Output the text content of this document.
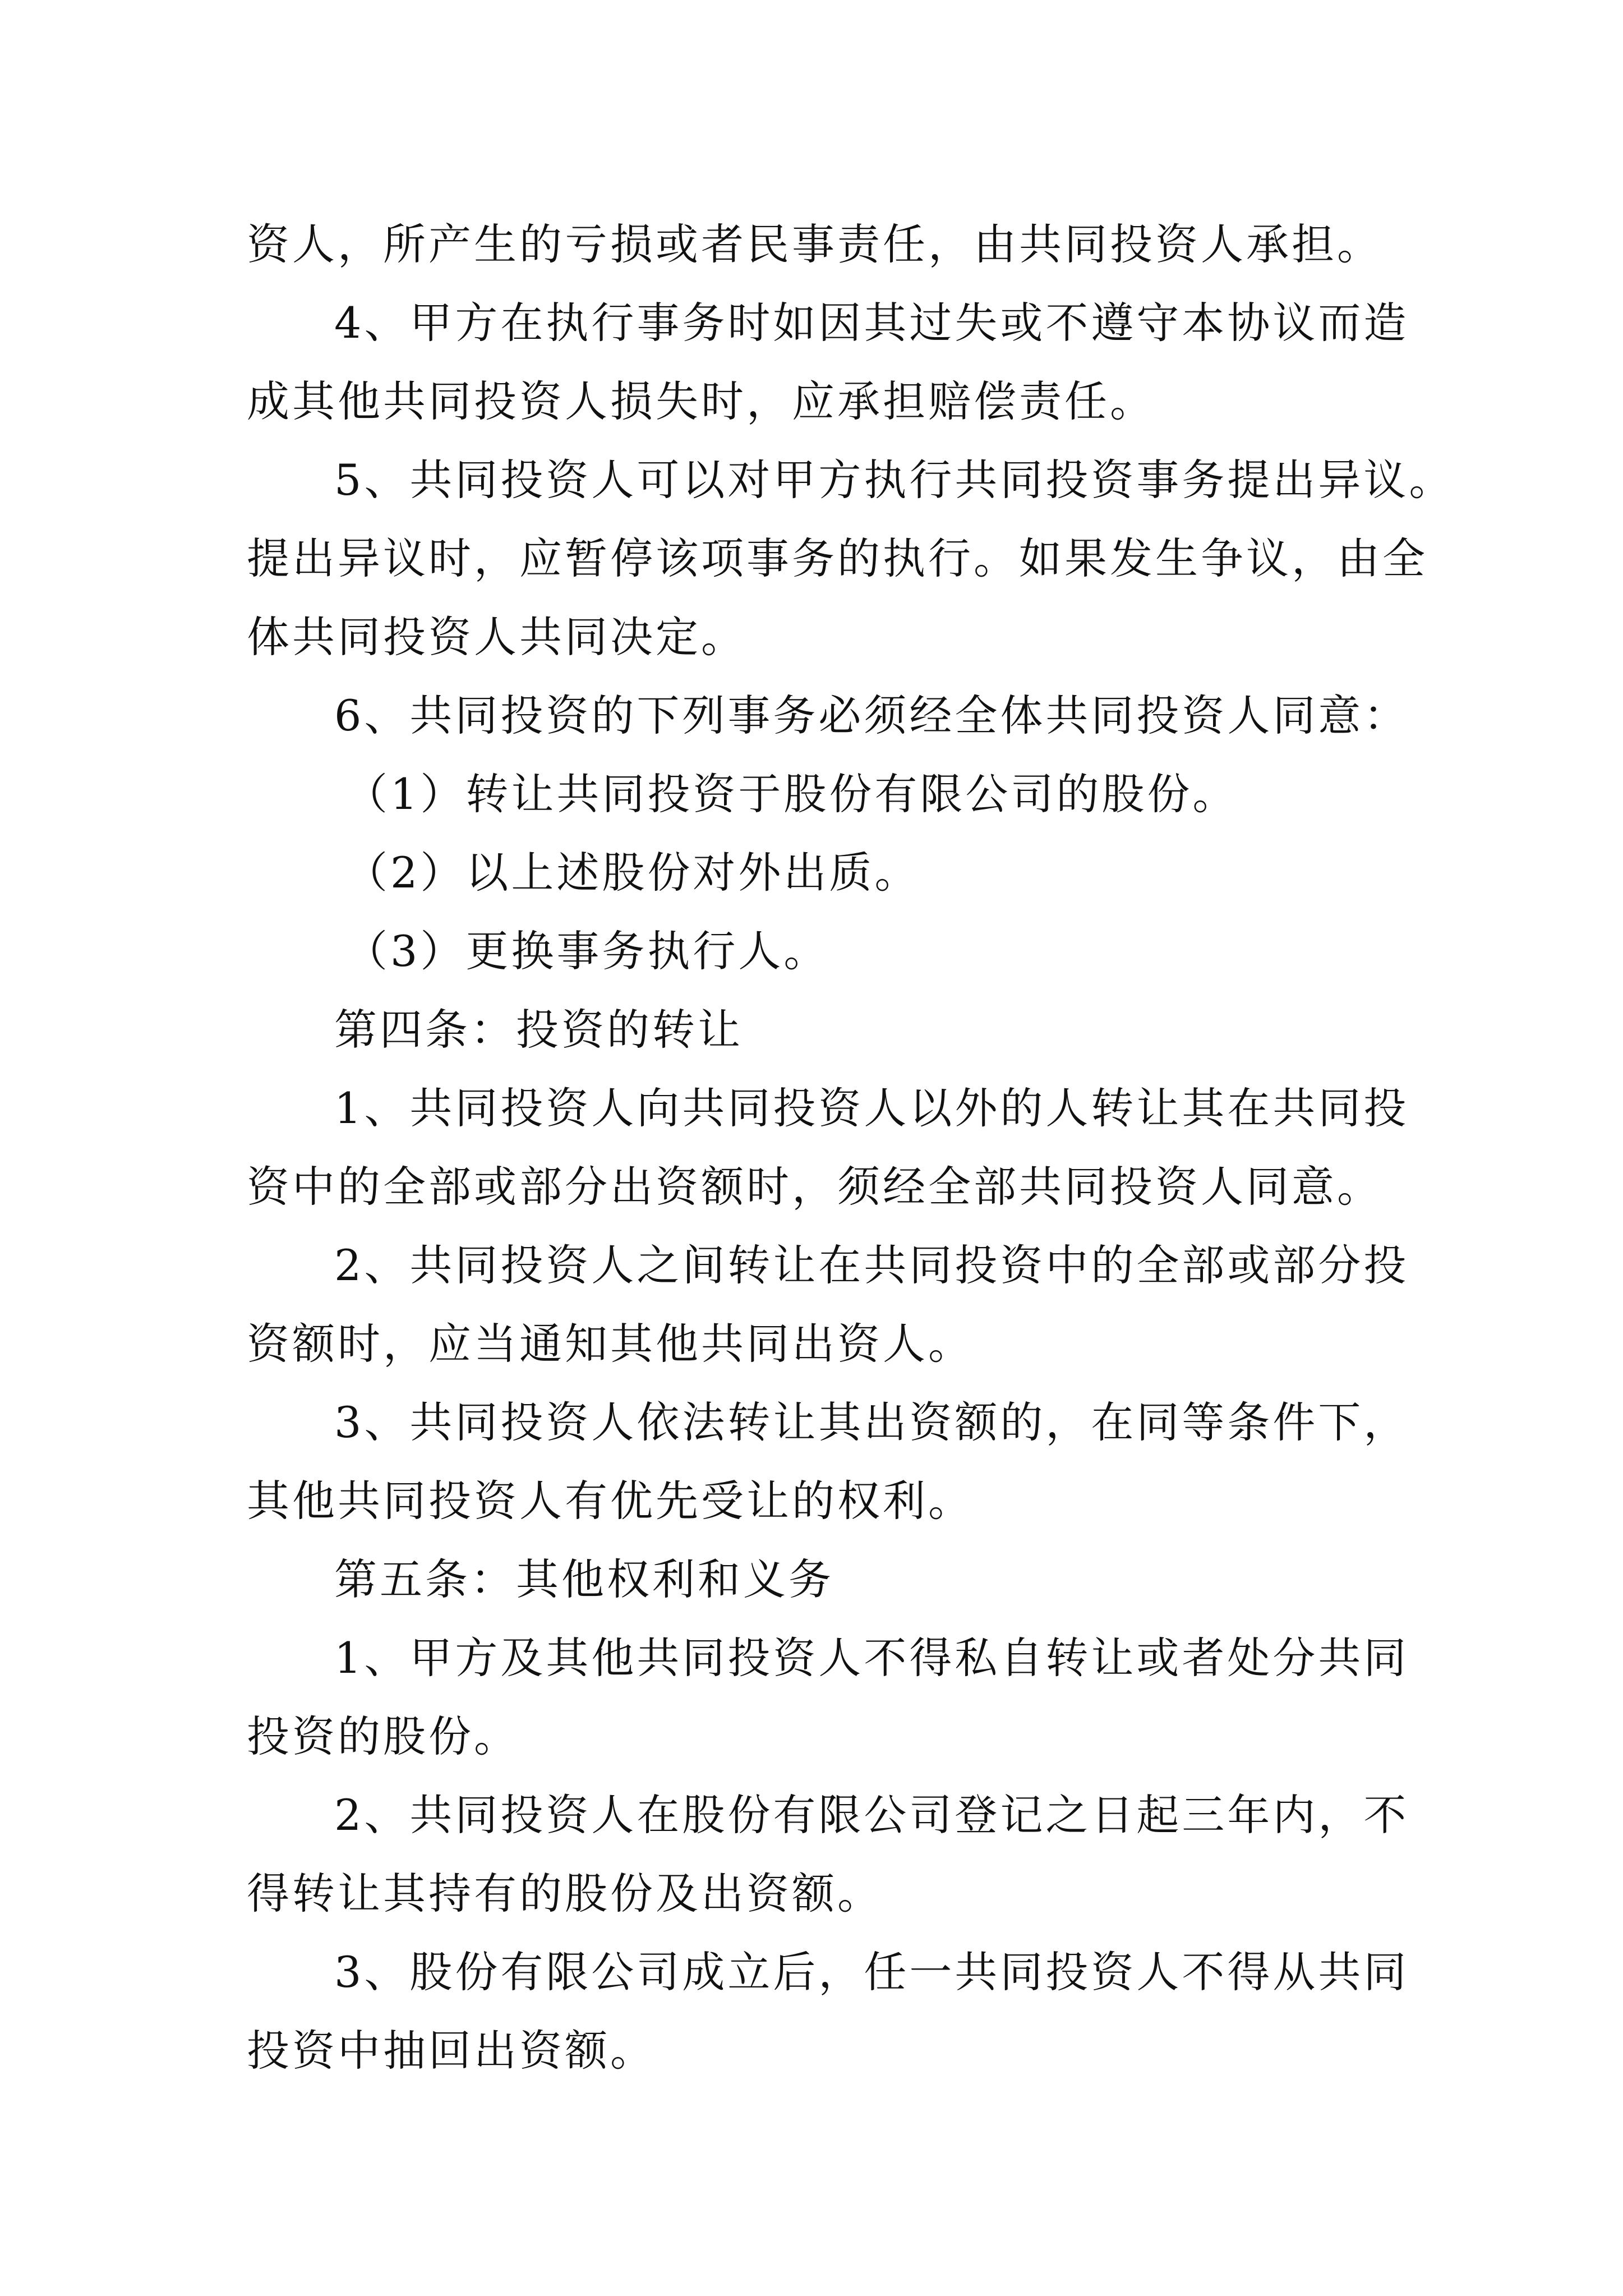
资人，所产生的亏损或者民事责任，由共同投资人承担。
4、甲方在执行事务时如因其过失或不遵守本协议而造
成其他共同投资人损失时，应承担赔偿责任。
5、共同投资人可以对甲方执行共同投资事务提出异议。
提出异议时，应暂停该项事务的执行。如果发生争议，由全
体共同投资人共同决定。
6、共同投资的下列事务必须经全体共同投资人同意：
（1）转让共同投资于股份有限公司的股份。
（2）以上述股份对外出质。
（3）更换事务执行人。
第四条：投资的转让
1、共同投资人向共同投资人以外的人转让其在共同投
资中的全部或部分出资额时，须经全部共同投资人同意。
2、共同投资人之间转让在共同投资中的全部或部分投
资额时，应当通知其他共同出资人。
3、共同投资人依法转让其出资额的，在同等条件下，
其他共同投资人有优先受让的权利。
第五条：其他权利和义务
1、甲方及其他共同投资人不得私自转让或者处分共同
投资的股份。
2、共同投资人在股份有限公司登记之日起三年内，不
得转让其持有的股份及出资额。
3、股份有限公司成立后，任一共同投资人不得从共同
投资中抽回出资额。
